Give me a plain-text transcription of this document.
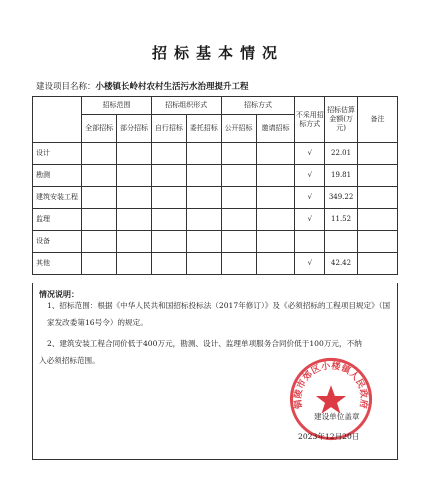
招标基本情况
建设项目名称：小楼镇长岭村农村生活污水治理提升工程
	招标范围		招标组织形式		招标方式		不采用招标方式	招标估算金额(万元)	备注
	全部招标	部分招标	自行招标	委托招标	公开招标	邀请招标			
设计							√	22.01	
勘测							√	19.81	
建筑安装工程							√	349.22	
监理							√	11.52	
设备									
其他							√	42.42	
情况说明：
1、招标范围：根据《中华人民共和国招标投标法（2017年修订）》及《必须招标的工程项目规定》（国家发改委第16号令）的规定。
2、建筑安装工程合同价低于400万元，勘测、设计、监理单项服务合同价低于100万元，不纳
入必须招标范围。
铜陵市郊区小楼镇人民政府
建设单位盖章
2023年12月20日
